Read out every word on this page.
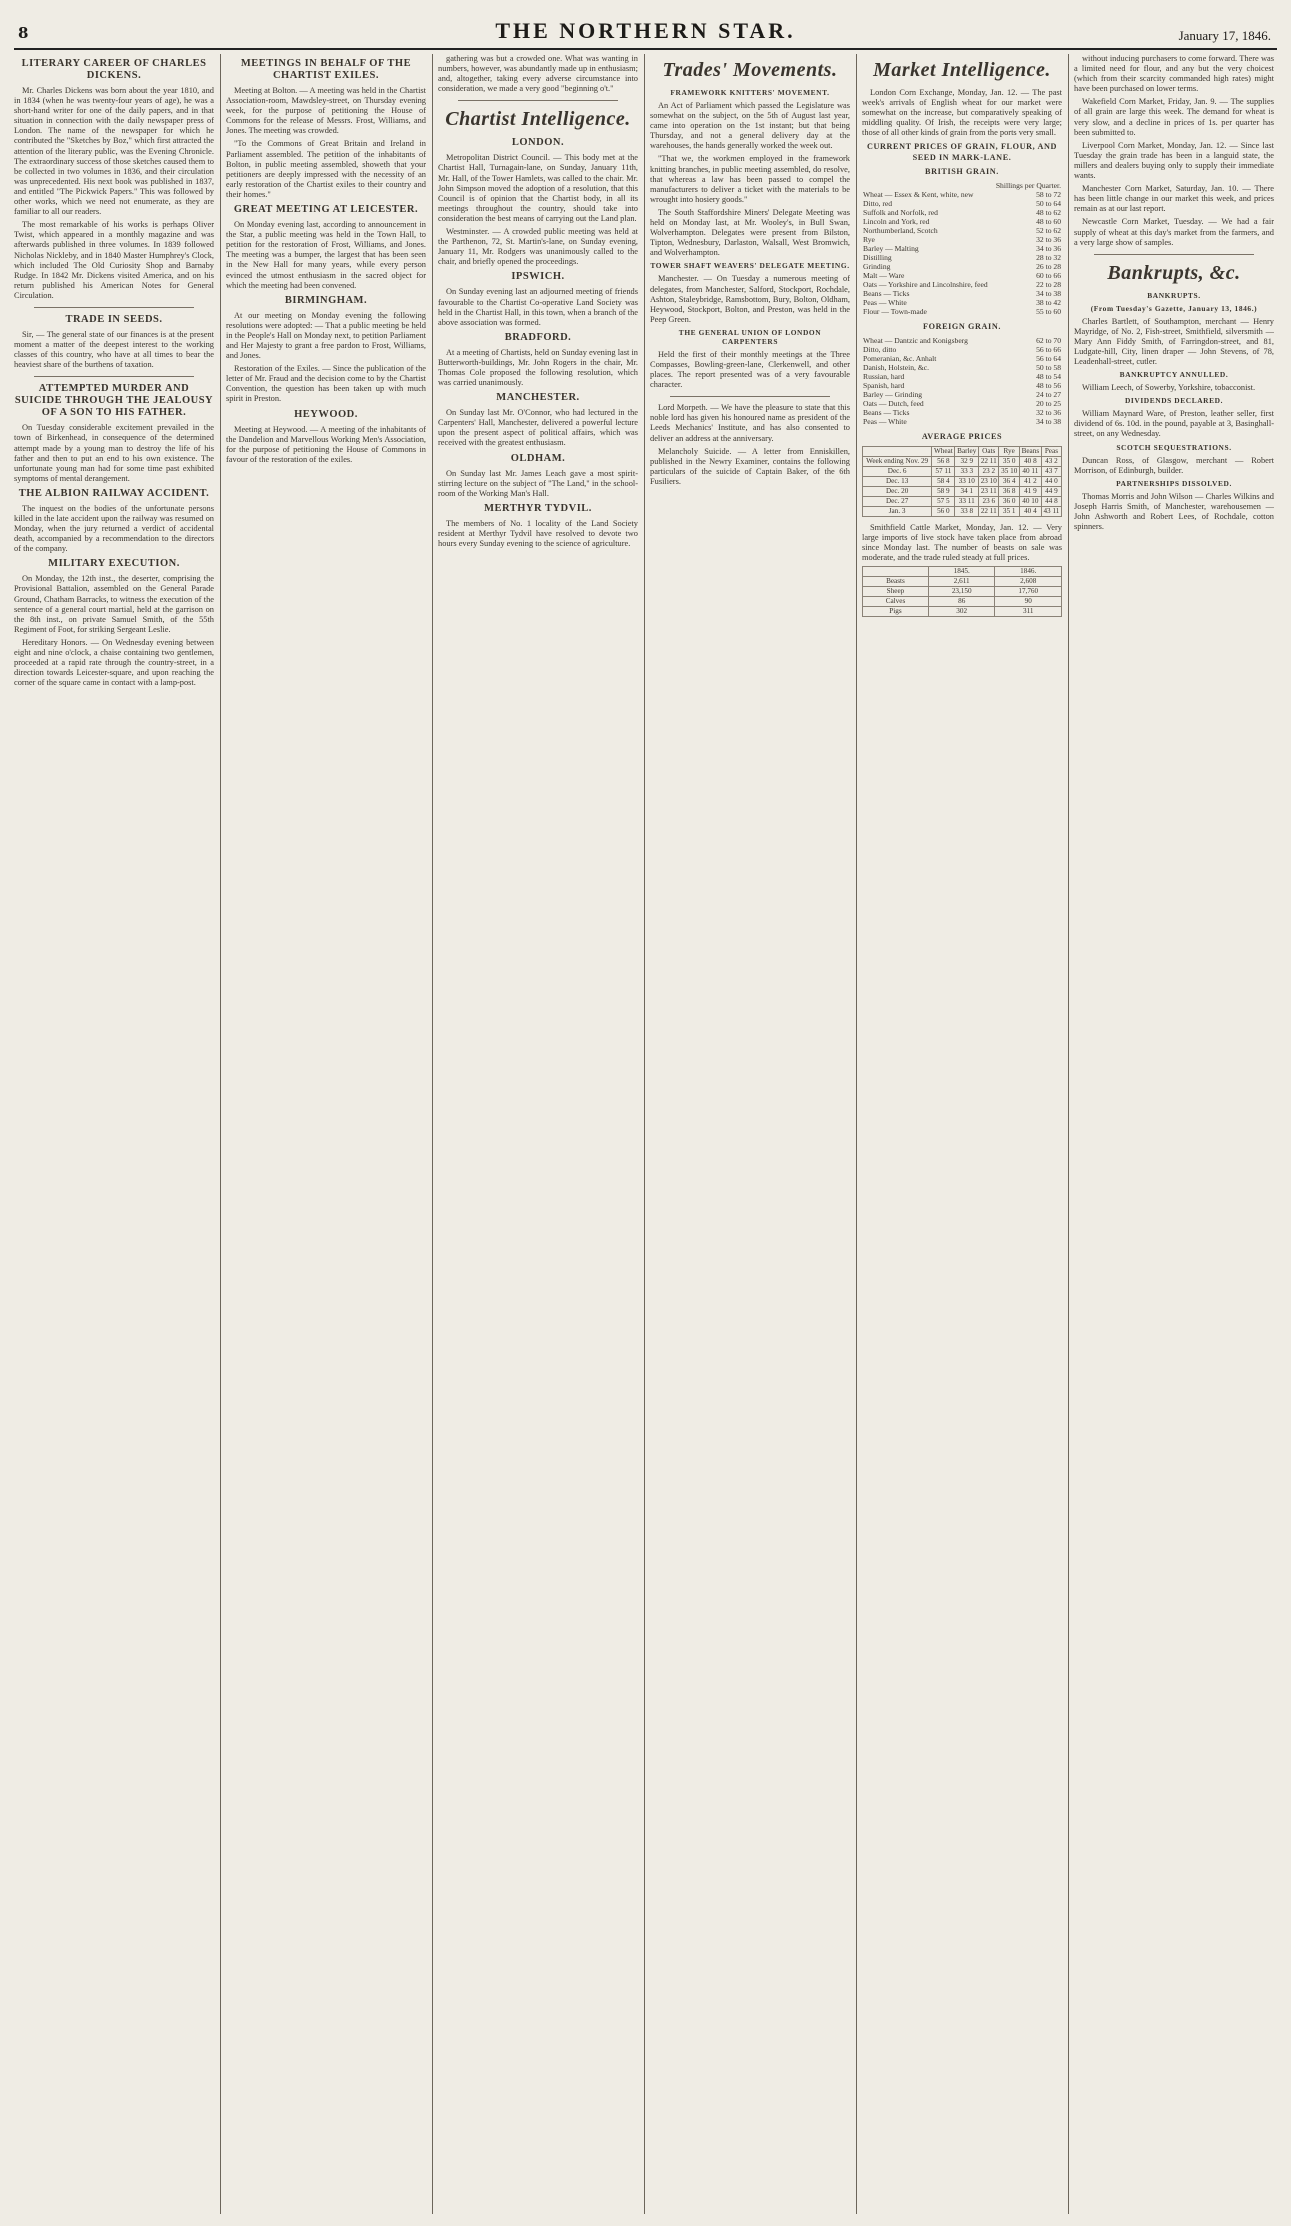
8	THE NORTHERN STAR.	January 17, 1846.
LITERARY CAREER OF CHARLES DICKENS.

Mr. Charles Dickens was born about the year 1810, and in 1834 (when he was twenty-four years of age), he was a short-hand writer for one of the daily papers, and in that situation in connection with the daily newspaper press of London. The name of the newspaper for which he contributed the "Sketches by Boz," which first attracted the attention of the literary public, was the Evening Chronicle. The extraordinary success of those sketches caused them to be collected in two volumes in 1836, and their circulation was unprecedented. His next book was published in 1837, and entitled "The Pickwick Papers." This was followed by other works, which we need not enumerate, as they are familiar to all our readers.

The most remarkable of his works is perhaps Oliver Twist, which appeared in a monthly magazine and was afterwards published in three volumes. In 1839 followed Nicholas Nickleby, and in 1840 Master Humphrey's Clock, which included The Old Curiosity Shop and Barnaby Rudge. In 1842 Mr. Dickens visited America, and on his return published his American Notes for General Circulation.

TRADE IN SEEDS.

Sir, — The general state of our finances is at the present moment a matter of the deepest interest to the working classes of this country, who have at all times to bear the heaviest share of the burthens of taxation.

ATTEMPTED MURDER AND SUICIDE THROUGH THE JEALOUSY OF A SON TO HIS FATHER.

On Tuesday considerable excitement prevailed in the town of Birkenhead, in consequence of the determined attempt made by a young man to destroy the life of his father and then to put an end to his own existence. The unfortunate young man had for some time past exhibited symptoms of mental derangement.

THE ALBION RAILWAY ACCIDENT.

The inquest on the bodies of the unfortunate persons killed in the late accident upon the railway was resumed on Monday, when the jury returned a verdict of accidental death, accompanied by a recommendation to the directors of the company.

MILITARY EXECUTION.

On Monday, the 12th inst., the deserter, comprising the Provisional Battalion, assembled on the General Parade Ground, Chatham Barracks, to witness the execution of the sentence of a general court martial, held at the garrison on the 8th inst., on private Samuel Smith, of the 55th Regiment of Foot, for striking Sergeant Leslie.

Hereditary Honors. — On Wednesday evening between eight and nine o'clock, a chaise containing two gentlemen, proceeded at a rapid rate through the country-street, in a direction towards Leicester-square, and upon reaching the corner of the square came in contact with a lamp-post.

MEETINGS IN BEHALF OF THE CHARTIST EXILES.

Meeting at Bolton. — A meeting was held in the Chartist Association-room, Mawdsley-street, on Thursday evening week, for the purpose of petitioning the House of Commons for the release of Messrs. Frost, Williams, and Jones. The meeting was crowded.

"To the Commons of Great Britain and Ireland in Parliament assembled. The petition of the inhabitants of Bolton, in public meeting assembled, showeth that your petitioners are deeply impressed with the necessity of an early restoration of the Chartist exiles to their country and their homes."

GREAT MEETING AT LEICESTER.

On Monday evening last, according to announcement in the Star, a public meeting was held in the Town Hall, to petition for the restoration of Frost, Williams, and Jones. The meeting was a bumper, the largest that has been seen in the New Hall for many years, while every person evinced the utmost enthusiasm in the sacred object for which the meeting had been convened.

BIRMINGHAM.

At our meeting on Monday evening the following resolutions were adopted: — That a public meeting be held in the People's Hall on Monday next, to petition Parliament and Her Majesty to grant a free pardon to Frost, Williams, and Jones.

Restoration of the Exiles. — Since the publication of the letter of Mr. Fraud and the decision come to by the Chartist Convention, the question has been taken up with much spirit in Preston.

HEYWOOD.

Meeting at Heywood. — A meeting of the inhabitants of the Dandelion and Marvellous Working Men's Association, for the purpose of petitioning the House of Commons in favour of the restoration of the exiles.

gathering was but a crowded one. What was wanting in numbers, however, was abundantly made up in enthusiasm; and, altogether, taking every adverse circumstance into consideration, we made a very good "beginning o't."

Chartist Intelligence.
LONDON.

Metropolitan District Council. — This body met at the Chartist Hall, Turnagain-lane, on Sunday, January 11th, Mr. Hall, of the Tower Hamlets, was called to the chair. Mr. John Simpson moved the adoption of a resolution, that this Council is of opinion that the Chartist body, in all its meetings throughout the country, should take into consideration the best means of carrying out the Land plan.

Westminster. — A crowded public meeting was held at the Parthenon, 72, St. Martin's-lane, on Sunday evening, January 11, Mr. Rodgers was unanimously called to the chair, and briefly opened the proceedings.

IPSWICH.

On Sunday evening last an adjourned meeting of friends favourable to the Chartist Co-operative Land Society was held in the Chartist Hall, in this town, when a branch of the above association was formed.

BRADFORD.

At a meeting of Chartists, held on Sunday evening last in Butterworth-buildings, Mr. John Rogers in the chair, Mr. Thomas Cole proposed the following resolution, which was carried unanimously.

MANCHESTER.

On Sunday last Mr. O'Connor, who had lectured in the Carpenters' Hall, Manchester, delivered a powerful lecture upon the present aspect of political affairs, which was received with the greatest enthusiasm.

OLDHAM.

On Sunday last Mr. James Leach gave a most spirit-stirring lecture on the subject of "The Land," in the school-room of the Working Man's Hall.

MERTHYR TYDVIL.

The members of No. 1 locality of the Land Society resident at Merthyr Tydvil have resolved to devote two hours every Sunday evening to the science of agriculture.

Trades' Movements.
FRAMEWORK KNITTERS' MOVEMENT.

An Act of Parliament which passed the Legislature was somewhat on the subject, on the 5th of August last year, came into operation on the 1st instant; but that being Thursday, and not a general delivery day at the warehouses, the hands generally worked the week out.

"That we, the workmen employed in the framework knitting branches, in public meeting assembled, do resolve, that whereas a law has been passed to compel the manufacturers to deliver a ticket with the materials to be wrought into hosiery goods."

The South Staffordshire Miners' Delegate Meeting was held on Monday last, at Mr. Wooley's, in Bull Swan, Wolverhampton. Delegates were present from Bilston, Tipton, Wednesbury, Darlaston, Walsall, West Bromwich, and Wolverhampton.

TOWER SHAFT WEAVERS' DELEGATE MEETING.

Manchester. — On Tuesday a numerous meeting of delegates, from Manchester, Salford, Stockport, Rochdale, Ashton, Staleybridge, Ramsbottom, Bury, Bolton, Oldham, Heywood, Stockport, Bolton, and Preston, was held in the Peep Green.

THE GENERAL UNION OF LONDON CARPENTERS

Held the first of their monthly meetings at the Three Compasses, Bowling-green-lane, Clerkenwell, and other places. The report presented was of a very favourable character.

Lord Morpeth. — We have the pleasure to state that this noble lord has given his honoured name as president of the Leeds Mechanics' Institute, and has also consented to deliver an address at the anniversary.

Melancholy Suicide. — A letter from Enniskillen, published in the Newry Examiner, contains the following particulars of the suicide of Captain Baker, of the 6th Fusiliers.

Market Intelligence.

London Corn Exchange, Monday, Jan. 12. — The past week's arrivals of English wheat for our market were somewhat on the increase, but comparatively speaking of middling quality. Of Irish, the receipts were very large; those of all other kinds of grain from the ports very small.

CURRENT PRICES OF GRAIN, FLOUR, AND SEED IN MARK-LANE.
BRITISH GRAIN.
	Shillings per Quarter.
Wheat — Essex & Kent, white, new	58 to 72
Ditto, red	50 to 64
Suffolk and Norfolk, red	48 to 62
Lincoln and York, red	48 to 60
Northumberland, Scotch	52 to 62
Rye	32 to 36
Barley — Malting	34 to 36
Distilling	28 to 32
Grinding	26 to 28
Malt — Ware	60 to 66
Oats — Yorkshire and Lincolnshire, feed	22 to 28
Beans — Ticks	34 to 38
Peas — White	38 to 42
Flour — Town-made	55 to 60
FOREIGN GRAIN.
Wheat — Dantzic and Konigsberg	62 to 70
Ditto, ditto	56 to 66
Pomeranian, &c. Anhalt	56 to 64
Danish, Holstein, &c.	50 to 58
Russian, hard	48 to 54
Spanish, hard	48 to 56
Barley — Grinding	24 to 27
Oats — Dutch, feed	20 to 25
Beans — Ticks	32 to 36
Peas — White	34 to 38
AVERAGE PRICES
	Wheat	Barley	Oats	Rye	Beans	Peas
Week ending Nov. 29	56 8	32 9	22 11	35 0	40 8	43 2
Dec. 6	57 11	33 3	23 2	35 10	40 11	43 7
Dec. 13	58 4	33 10	23 10	36 4	41 2	44 0
Dec. 20	58 9	34 1	23 11	36 8	41 9	44 9
Dec. 27	57 5	33 11	23 6	36 0	40 10	44 8
Jan. 3	56 0	33 8	22 11	35 1	40 4	43 11

Smithfield Cattle Market, Monday, Jan. 12. — Very large imports of live stock have taken place from abroad since Monday last. The number of beasts on sale was moderate, and the trade ruled steady at full prices.

	1845.	1846.
Beasts	2,611	2,608
Sheep	23,150	17,760
Calves	86	90
Pigs	302	311

without inducing purchasers to come forward. There was a limited need for flour, and any but the very choicest (which from their scarcity commanded high rates) might have been purchased on lower terms.

Wakefield Corn Market, Friday, Jan. 9. — The supplies of all grain are large this week. The demand for wheat is very slow, and a decline in prices of 1s. per quarter has been submitted to.

Liverpool Corn Market, Monday, Jan. 12. — Since last Tuesday the grain trade has been in a languid state, the millers and dealers buying only to supply their immediate wants.

Manchester Corn Market, Saturday, Jan. 10. — There has been little change in our market this week, and prices remain as at our last report.

Newcastle Corn Market, Tuesday. — We had a fair supply of wheat at this day's market from the farmers, and a very large show of samples.

Bankrupts, &c.
BANKRUPTS.
(From Tuesday's Gazette, January 13, 1846.)

Charles Bartlett, of Southampton, merchant — Henry Mayridge, of No. 2, Fish-street, Smithfield, silversmith — Mary Ann Fiddy Smith, of Farringdon-street, and 81, Ludgate-hill, City, linen draper — John Stevens, of 78, Leadenhall-street, cutler.

BANKRUPTCY ANNULLED.

William Leech, of Sowerby, Yorkshire, tobacconist.

DIVIDENDS DECLARED.

William Maynard Ware, of Preston, leather seller, first dividend of 6s. 10d. in the pound, payable at 3, Basinghall-street, on any Wednesday.

SCOTCH SEQUESTRATIONS.

Duncan Ross, of Glasgow, merchant — Robert Morrison, of Edinburgh, builder.

PARTNERSHIPS DISSOLVED.

Thomas Morris and John Wilson — Charles Wilkins and Joseph Harris Smith, of Manchester, warehousemen — John Ashworth and Robert Lees, of Rochdale, cotton spinners.
